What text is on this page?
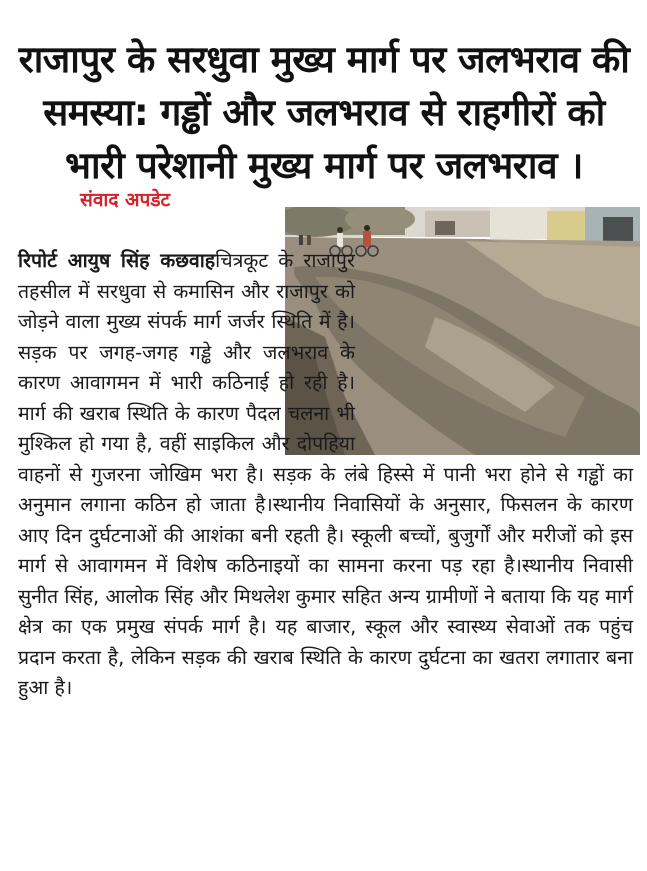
राजापुर के सरधुवा मुख्य मार्ग पर जलभराव की समस्या: गड्ढों और जलभराव से राहगीरों को भारी परेशानी मुख्य मार्ग पर जलभराव ।
संवाद अपडेट
रिपोर्ट आयुष सिंह कछवाहचित्रकूट के राजापुर तहसील में सरधुवा से कमासिन और राजापुर को जोड़ने वाला मुख्य संपर्क मार्ग जर्जर स्थिति में है। सड़क पर जगह-जगह गड्ढे और जलभराव के कारण आवागमन में भारी कठिनाई हो रही है।मार्ग की खराब स्थिति के कारण पैदल चलना भी मुश्किल हो गया है, वहीं साइकिल और दोपहिया वाहनों से गुजरना जोखिम भरा है। सड़क के लंबे हिस्से में पानी भरा होने से गड्ढों का अनुमान लगाना कठिन हो जाता है।स्थानीय निवासियों के अनुसार, फिसलन के कारण आए दिन दुर्घटनाओं की आशंका बनी रहती है। स्कूली बच्चों, बुजुर्गों और मरीजों को इस मार्ग से आवागमन में विशेष कठिनाइयों का सामना करना पड़ रहा है।स्थानीय निवासी सुनीत सिंह, आलोक सिंह और मिथलेश कुमार सहित अन्य ग्रामीणों ने बताया कि यह मार्ग क्षेत्र का एक प्रमुख संपर्क मार्ग है। यह बाजार, स्कूल और स्वास्थ्य सेवाओं तक पहुंच प्रदान करता है, लेकिन सड़क की खराब स्थिति के कारण दुर्घटना का खतरा लगातार बना हुआ है।
